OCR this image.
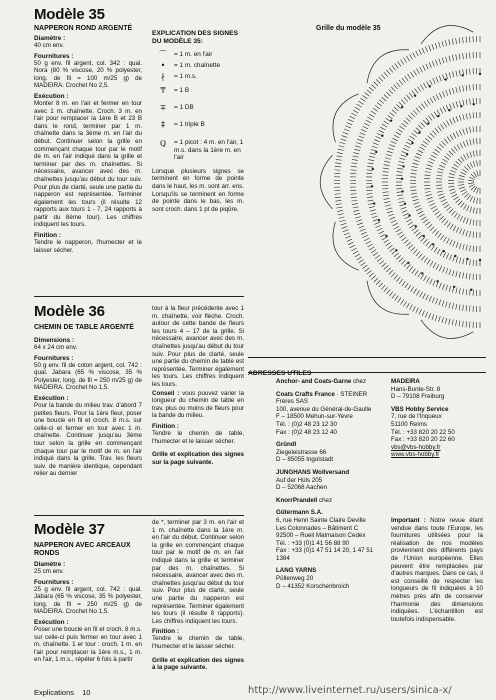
Modèle 35
NAPPERON ROND ARGENTÉ
Diamètre :
40 cm env.
Fournitures :
50 g env. fil argent, col. 342 : qual. Nora (80 % viscose, 20 % polyester, long. de fil = 100 m/25 g) de MADEIRA. Crochet No 2,5.
Exécution :
Monter 8 m. en l'air et fermer en tour avec 1 m. chaînette. Croch. 3 m. en l'air pour remplacer la 1ère B et 23 B dans le rond, terminer par 1 m. chaînette dans la 3ème m. en l'air du début. Continuer selon la grille en commençant chaque tour par le motif de m. en l'air indiqué dans la grille et terminer par des m. chaînettes. Si nécessaire, avancer avec des m. chaînettes jusqu'au début du tour suiv. Pour plus de clarté, seule une partie du napperon est représentée. Terminer également les tours (il résulte 12 rapports aux tours 1 - 7, 24 rapports à partir du 8ème tour). Les chiffres indiquent les tours.
Finition :
Tendre le napperon, l'humecter et le laisser sécher.
EXPLICATION DES SIGNES DU MODÈLE 35:
⌒	= 1 m. en l'air
•	= 1 m. chaînette
∤	= 1 m.s.
₸	= 1 B
∓	= 1 DB
‡	= 1 triple B
ℚ	= 1 picot : 4 m. en l'air, 1 m.s. dans la 1ère m. en l'air
Lorsque plusieurs signes se terminent en forme de pointe dans le haut, les m. sont arr. ens. Lorsqu'ils se terminent en forme de pointe dans le bas, les m. sont croch. dans 1 pt de piqûre.
Grille du modèle 35
Modèle 36
CHEMIN DE TABLE ARGENTÉ
Dimensions :
64 x 24 cm env.
Fournitures :
50 g env. fil de coton argent, col. 742 : qual. Jabara (65 % viscose, 35 % Polyester, long. de fil = 250 m/25 g) de MADEIRA. Crochet No 1,5.
Exécution :
Pour la bande du milieu trav. d'abord 7 petites fleurs. Pour la 1ère fleur, poser une boucle en fil et croch. 8 m.s. sur celle-ci et fermer en tour avec 1 m. chaînette. Continuer jusqu'au 3ème tour selon la grille en commençant chaque tour par le motif de m. en l'air indiqué dans la grille. Trav. les fleurs suiv. de manière identique, cependant relier au dernier
tour à la fleur précédente avec 1 m. chaînette, voir flèche. Croch. autour de cette bande de fleurs les tours 4 – 17 de la grille. Si nécessaire, avancer avec des m. chaînettes jusqu'au début du tour suiv. Pour plus de clarté, seule une partie du chemin de table est représentée. Terminer également les tours. Les chiffres indiquent les tours.
Conseil : vous pouvez varier la longueur du chemin de table en trav. plus ou moins de fleurs pour la bande du milieu.
Finition :
Tendre le chemin de table, l'humecter et le laisser sécher.
Grille et explication des signes sur la page suivante.
ADRESSES UTILES
Anchor- and Coats-Garne chez
Coats Crafts France · STEINER
Frères SAS
100, avenue du Général-de-Gaulle
F – 18500 Mehun-sur-Yevre
Tél. : (0)2 48 23 12 30
Fax : (0)2 48 23 12 40
Gründl
Ziegeleistrasse 66
D – 85055 Ingolstadt
JUNGHANS Wollversand
Auf der Hüls 205
D – 52068 Aachen
KnorrPrandell chez
Gütermann S.A.
6, rue Henri Sainte Claire Deville
Les Colonnades – Bâtiment C
92500 – Rueil Malmaison Cedex
Tél. : +33 (0)1 41 56 88 90
Fax : +33 (0)1 47 51 14 20, 1 47 51
1384
LANG YARNS
Püllenweg 20
D – 41352 Korschenbroich
MADEIRA
Hans-Bunte-Str. 8
D – 79108 Freiburg
VBS Hobby Service
7, rue de l'Inqueux
51100 Reims
Tél. : +33 820 20 22 50
Fax : +33 820 20 22 60
vbs@vbs-hobby.fr
www.vbs-hobby.fr
Important : Notre revue étant vendue dans toute l'Europe, les fournitures utilisées pour la réalisation de nos modèles proviennent des différents pays de l'Union européenne. Elles peuvent être remplacées par d'autres marques. Dans ce cas, il est conseillé de respecter les longueurs de fil indiquées à 10 mètres près afin de conserver l'harmonie des dimensions indiquées. L'échantillon est toutefois indispensable.
Modèle 37
NAPPERON AVEC ARCEAUX RONDS
Diamètre :
25 cm env.
Fournitures :
25 g env. fil argent, col. 742 : qual. Jabara (65 % viscose, 35 % polyester, long. de fil = 250 m/25 g) de MADEIRA. Crochet No 1,5.
Exécution :
Poser une boucle en fil et croch. 8 m.s. sur celle-ci puis fermer en tour avec 1 m. chaînette. 1 er tour : croch. 1 m. en l'air pour remplacer la 1ère m.s., 1 m. en l'air, 1 m.s., répéter 6 fois à partir
de *, terminer par 3 m. en l'air et 1 m. chaînette dans la 1ère m. en l'air du début. Continuer selon la grille en commençant chaque tour par le motif de m. en l'air indiqué dans la grille et terminer par des m. chaînettes. Si nécessaire, avancer avec des m. chaînettes jusqu'au début du tour suiv. Pour plus de clarté, seule une partie du napperon est représentée. Terminer également les tours (il résulte 8 rapports). Les chiffres indiquent les tours.
Finition :
Tendre le chemin de table, l'humecter et le laisser sécher.
Grille et explication des signes à la page suivante.
Explications 10	http://www.liveinternet.ru/users/sinica-x/
